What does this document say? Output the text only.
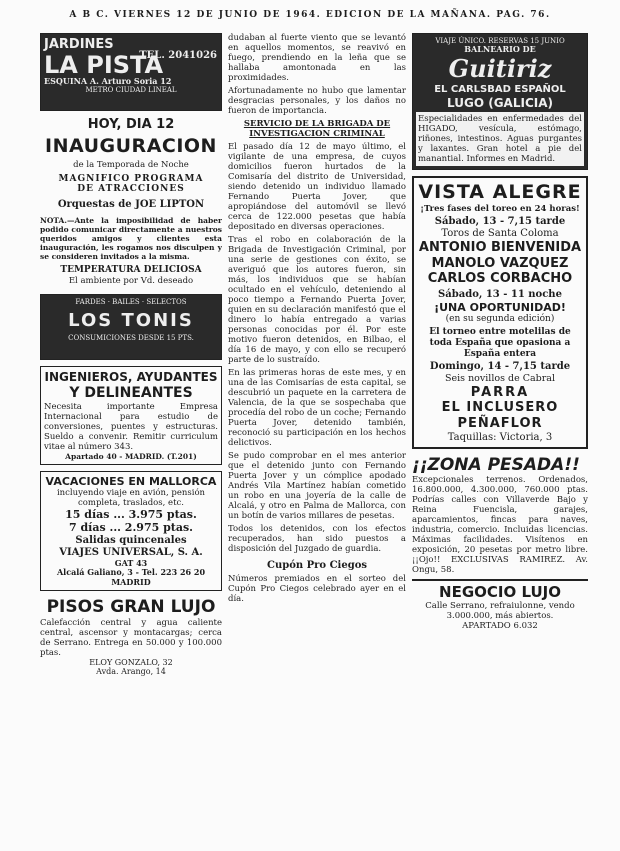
A B C. VIERNES 12 DE JUNIO DE 1964. EDICION DE LA MAÑANA. PAG. 76.
JARDINES
LA PISTA
TEL. 2041026
ESQUINA A. Arturo Soria 12
METRO CIUDAD LINEAL
HOY, DIA 12
INAUGURACION
de la Temporada de Noche
MAGNIFICO PROGRAMA
DE ATRACCIONES
Orquestas de JOE LIPTON
NOTA.—Ante la imposibilidad de haber podido comunicar directamente a nuestros queridos amigos y clientes esta inauguración, les rogamos nos disculpen y se consideren invitados a la misma.
TEMPERATURA DELICIOSA
El ambiente por Vd. deseado
FARDES · BAILES · SELECTOS
LOS TONIS
CONSUMICIONES DESDE 15 PTS.
INGENIEROS, AYUDANTES
Y DELINEANTES
Necesita importante Empresa Internacional para estudio de conversiones, puentes y estructuras. Sueldo a convenir. Remitir curriculum vitae al número 343.
Apartado 40 - MADRID. (T.201)
VACACIONES EN MALLORCA
incluyendo viaje en avión, pensión completa, traslados, etc.
15 días ... 3.975 ptas.
7 días ... 2.975 ptas.
Salidas quincenales
VIAJES UNIVERSAL, S. A.
GAT 43
Alcalá Galiano, 3 - Tel. 223 26 20
MADRID
PISOS GRAN LUJO
Calefacción central y agua caliente central, ascensor y montacargas; cerca de Serrano. Entrega en 50.000 y 100.000 ptas.
ELOY GONZALO, 32
Avda. Arango, 14

dudaban al fuerte viento que se levantó en aquellos momentos, se reavivó en fuego, prendiendo en la leña que se hallaba amontonada en las proximidades.

Afortunadamente no hubo que lamentar desgracias personales, y los daños no fueron de importancia.

SERVICIO DE LA BRIGADA DE INVESTIGACION CRIMINAL

El pasado día 12 de mayo último, el vigilante de una empresa, de cuyos domicilios fueron hurtados de la Comisaría del distrito de Universidad, siendo detenido un individuo llamado Fernando Puerta Jover, que apropiándose del automóvil se llevó cerca de 122.000 pesetas que había depositado en diversas operaciones.

Tras el robo en colaboración de la Brigada de Investigación Criminal, por una serie de gestiones con éxito, se averiguó que los autores fueron, sin más, los individuos que se habían ocultado en el vehículo, deteniendo al poco tiempo a Fernando Puerta Jover, quien en su declaración manifestó que el dinero lo había entregado a varias personas conocidas por él. Por este motivo fueron detenidos, en Bilbao, el día 16 de mayo, y con ello se recuperó parte de lo sustraído.

En las primeras horas de este mes, y en una de las Comisarías de esta capital, se descubrió un paquete en la carretera de Valencia, de la que se sospechaba que procedía del robo de un coche; Fernando Puerta Jover, detenido también, reconoció su participación en los hechos delictivos.

Se pudo comprobar en el mes anterior que el detenido junto con Fernando Puerta Jover y un cómplice apodado Andrés Vila Martínez habían cometido un robo en una joyería de la calle de Alcalá, y otro en Palma de Mallorca, con un botín de varios millares de pesetas.

Todos los detenidos, con los efectos recuperados, han sido puestos a disposición del Juzgado de guardia.

Cupón Pro Ciegos

Números premiados en el sorteo del Cupón Pro Ciegos celebrado ayer en el día.

VIAJE ÚNICO. RESERVAS 15 JUNIO
BALNEARIO DE
Guitiriz
EL CARLSBAD ESPAÑOL
LUGO (GALICIA)
Especialidades en enfermedades del HIGADO, vesícula, estómago, riñones, intestinos. Aguas purgantes y laxantes. Gran hotel a pie del manantial. Informes en Madrid.
VISTA ALEGRE
¡Tres fases del toreo en 24 horas!
Sábado, 13 - 7,15 tarde
Toros de Santa Coloma
ANTONIO BIENVENIDA
MANOLO VAZQUEZ
CARLOS CORBACHO
Sábado, 13 - 11 noche
¡UNA OPORTUNIDAD!
(en su segunda edición)
El torneo entre motelilas de toda España que opasiona a España entera
Domingo, 14 - 7,15 tarde
Seis novillos de Cabral
PARRA
EL INCLUSERO
PEÑAFLOR
Taquillas: Victoria, 3
¡¡ZONA PESADA!!
Excepcionales terrenos. Ordenados, 16.800.000, 4.300.000, 760.000 ptas. Podrías calles con Villaverde Bajo y Reina Fuencisla, garajes, aparcamientos, fincas para naves, industria, comercio. Incluidas licencias. Máximas facilidades. Visítenos en exposición, 20 pesetas por metro libre. ¡¡Ojo!! EXCLUSIVAS RAMIREZ. Av. Ongu, 58.
NEGOCIO LUJO
Calle Serrano, refraiulonne, vendo 3.000.000, más abiertos.
APARTADO 6.032
